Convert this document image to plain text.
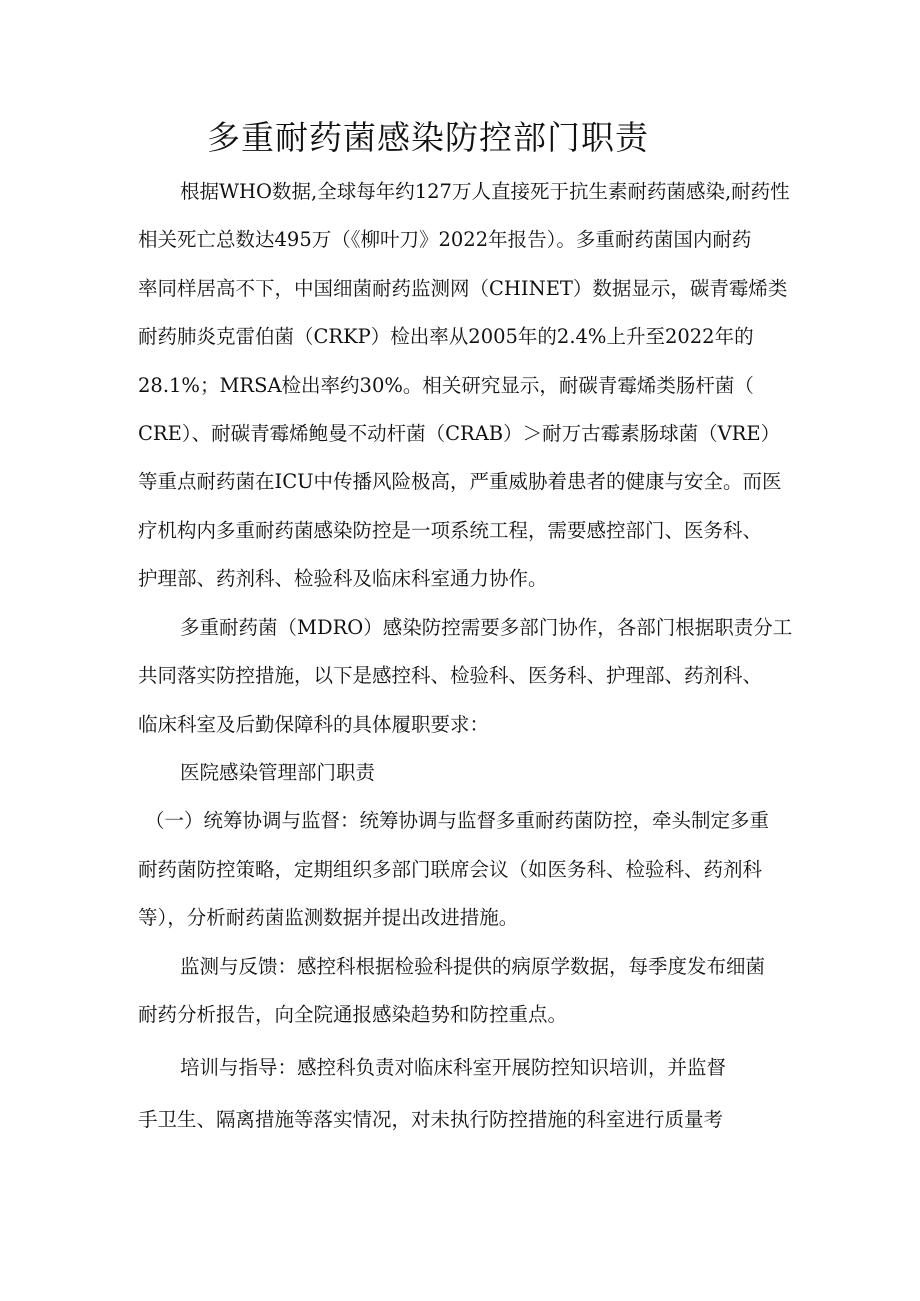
多重耐药菌感染防控部门职责
根据WHO数据,全球每年约127万人直接死于抗生素耐药菌感染,耐药性
相关死亡总数达495万（《柳叶刀》2022年报告）。多重耐药菌国内耐药
率同样居高不下，中国细菌耐药监测网（CHINET）数据显示，碳青霉烯类
耐药肺炎克雷伯菌（CRKP）检出率从2005年的2.4%上升至2022年的
28.1%；MRSA检出率约30%。相关研究显示，耐碳青霉烯类肠杆菌（
CRE）、耐碳青霉烯鲍曼不动杆菌（CRAB）＞耐万古霉素肠球菌（VRE）
等重点耐药菌在ICU中传播风险极高，严重威胁着患者的健康与安全。而医
疗机构内多重耐药菌感染防控是一项系统工程，需要感控部门、医务科、
护理部、药剂科、检验科及临床科室通力协作。
多重耐药菌（MDRO）感染防控需要多部门协作，各部门根据职责分工
共同落实防控措施，以下是感控科、检验科、医务科、护理部、药剂科、
临床科室及后勤保障科的具体履职要求：
医院感染管理部门职责
（一）统筹协调与监督：统筹协调与监督多重耐药菌防控，牵头制定多重
耐药菌防控策略，定期组织多部门联席会议（如医务科、检验科、药剂科
等），分析耐药菌监测数据并提出改进措施。
监测与反馈：感控科根据检验科提供的病原学数据，每季度发布细菌
耐药分析报告，向全院通报感染趋势和防控重点。
培训与指导：感控科负责对临床科室开展防控知识培训，并监督
手卫生、隔离措施等落实情况，对未执行防控措施的科室进行质量考
